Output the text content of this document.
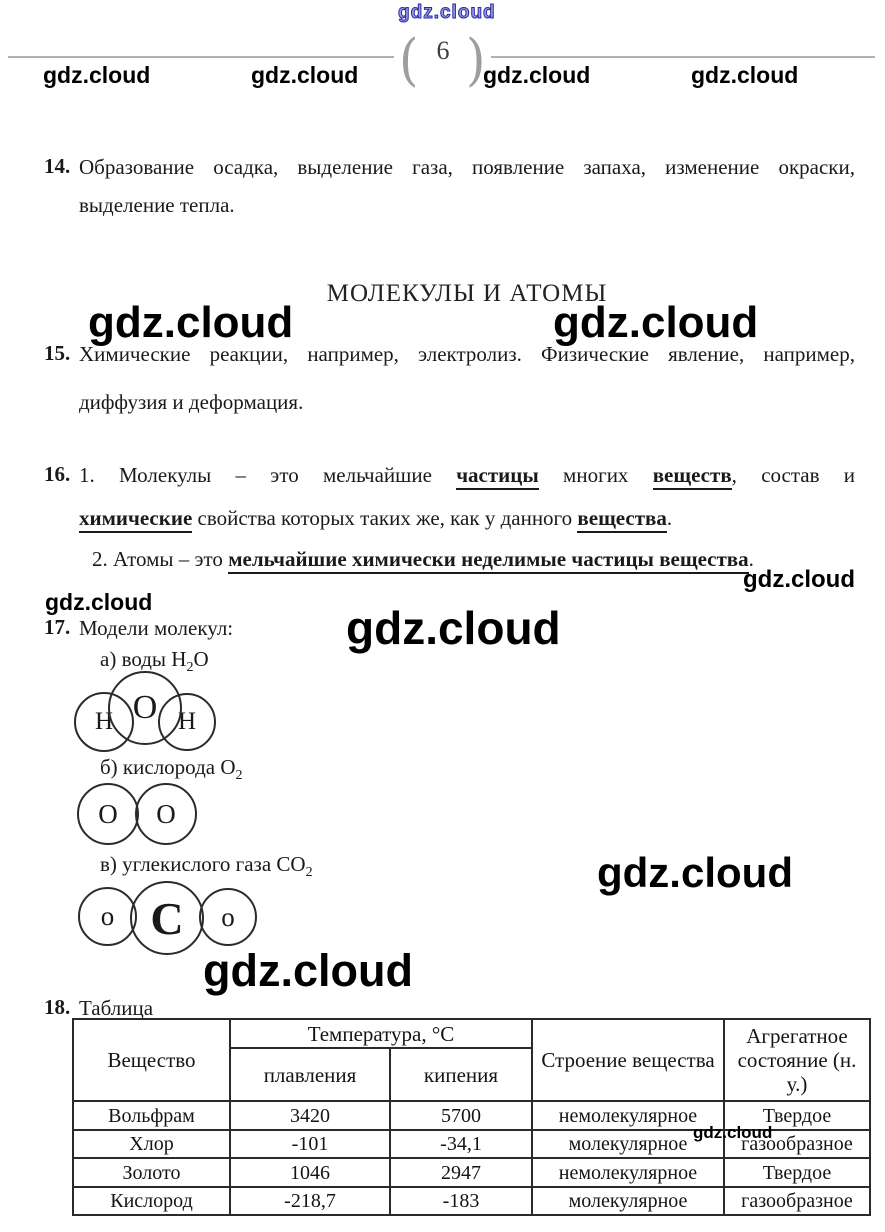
gdz.cloud
( )
6
gdz.cloud	gdz.cloud	gdz.cloud	gdz.cloud
14. Образование осадка, выделение газа, появление запаха, изменение окраски,
выделение тепла.
МОЛЕКУЛЫ И АТОМЫ
gdz.cloud	gdz.cloud
15. Химические реакции, например, электролиз. Физические явление, например,
диффузия и деформация.
16. 1. Молекулы – это мельчайшие частицы многих веществ, состав и
химические свойства которых таких же, как у данного вещества.
2. Атомы – это мельчайшие химически неделимые частицы вещества.
gdz.cloud
gdz.cloud
17. Модели молекул: gdz.cloud
а) воды $H_2O$
Н	Н
О
б) кислорода $O_2$
О О
в) углекислого газа $CO_2$	gdz.cloud
о	о
С
gdz.cloud
18. Таблица
Вещество	Температура, °С		Строение вещества	Агрегатное состояние (н. у.)
	плавления	кипения		
Вольфрам	3420	5700	немолекулярное	Твердое
Хлор	-101	-34,1	молекулярное	газообразное
Золото	1046	2947	немолекулярное	Твердое
Кислород	-218,7	-183	молекулярное	газообразное
gdz.cloud
